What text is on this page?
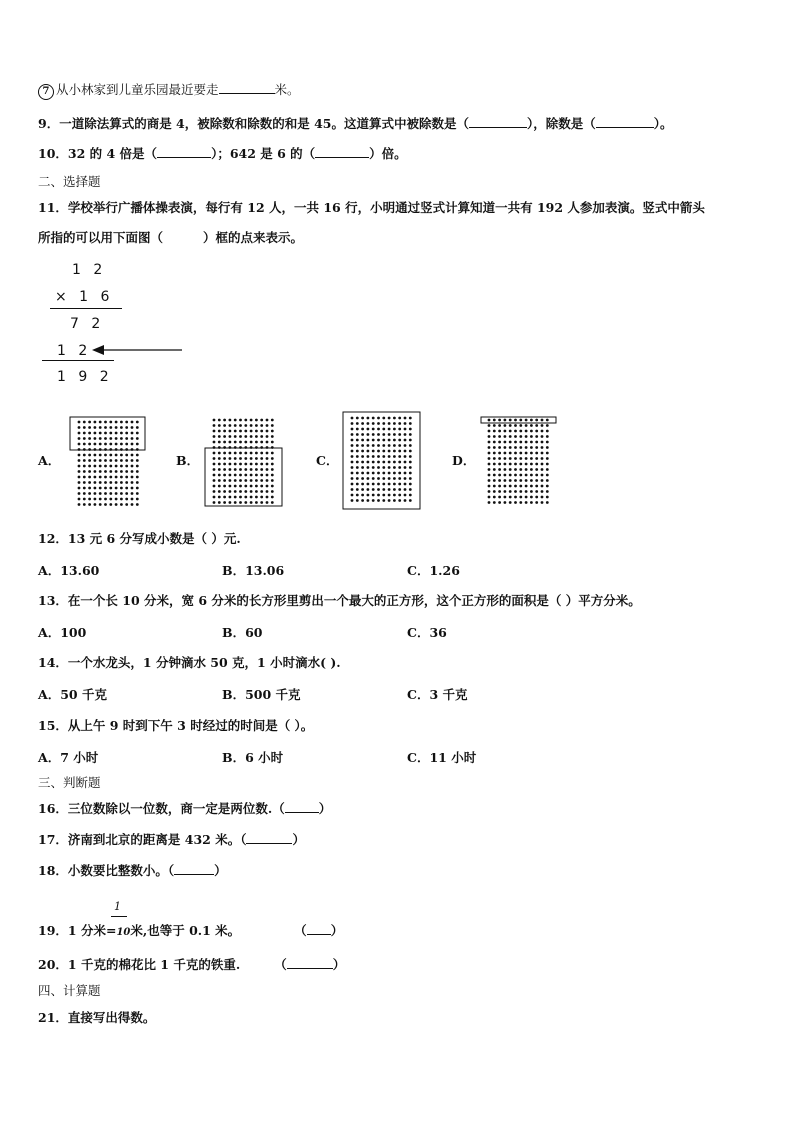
7 从小林家到儿童乐园最近要走	米。
9．一道除法算式的商是 4，被除数和除数的和是 45。这道算式中被除数是（	），除数是（	）。
10．32 的 4 倍是（	）；642 是 6 的（	）倍。
二、选择题
11．学校举行广播体操表演，每行有 12 人，一共 16 行，小明通过竖式计算知道一共有 192 人参加表演。竖式中箭头
所指的可以用下面图（	）框的点来表示。
1 2
× 1 6
7 2
1 2
1 9 2
A．	B．	C．	D．
12．13 元 6 分写成小数是（ ）元.
A．13.60	B．13.06	C．1.26
13．在一个长 10 分米，宽 6 分米的长方形里剪出一个最大的正方形，这个正方形的面积是（ ）平方分米。
A．100	B．60	C．36
14．一个水龙头，1 分钟滴水 50 克，1 小时滴水( ).
A．50 千克	B．500 千克	C．3 千克
15．从上午 9 时到下午 3 时经过的时间是（ ）。
A．7 小时	B．6 小时	C．11 小时
三、判断题
16．三位数除以一位数，商一定是两位数.（	）
17．济南到北京的距离是 432 米。（	）
18．小数要比整数小。（	）
1
19．1 分米=10米,也等于 0.1 米。	（ ）
20．1 千克的棉花比 1 千克的铁重.	（	）
四、计算题
21．直接写出得数。
